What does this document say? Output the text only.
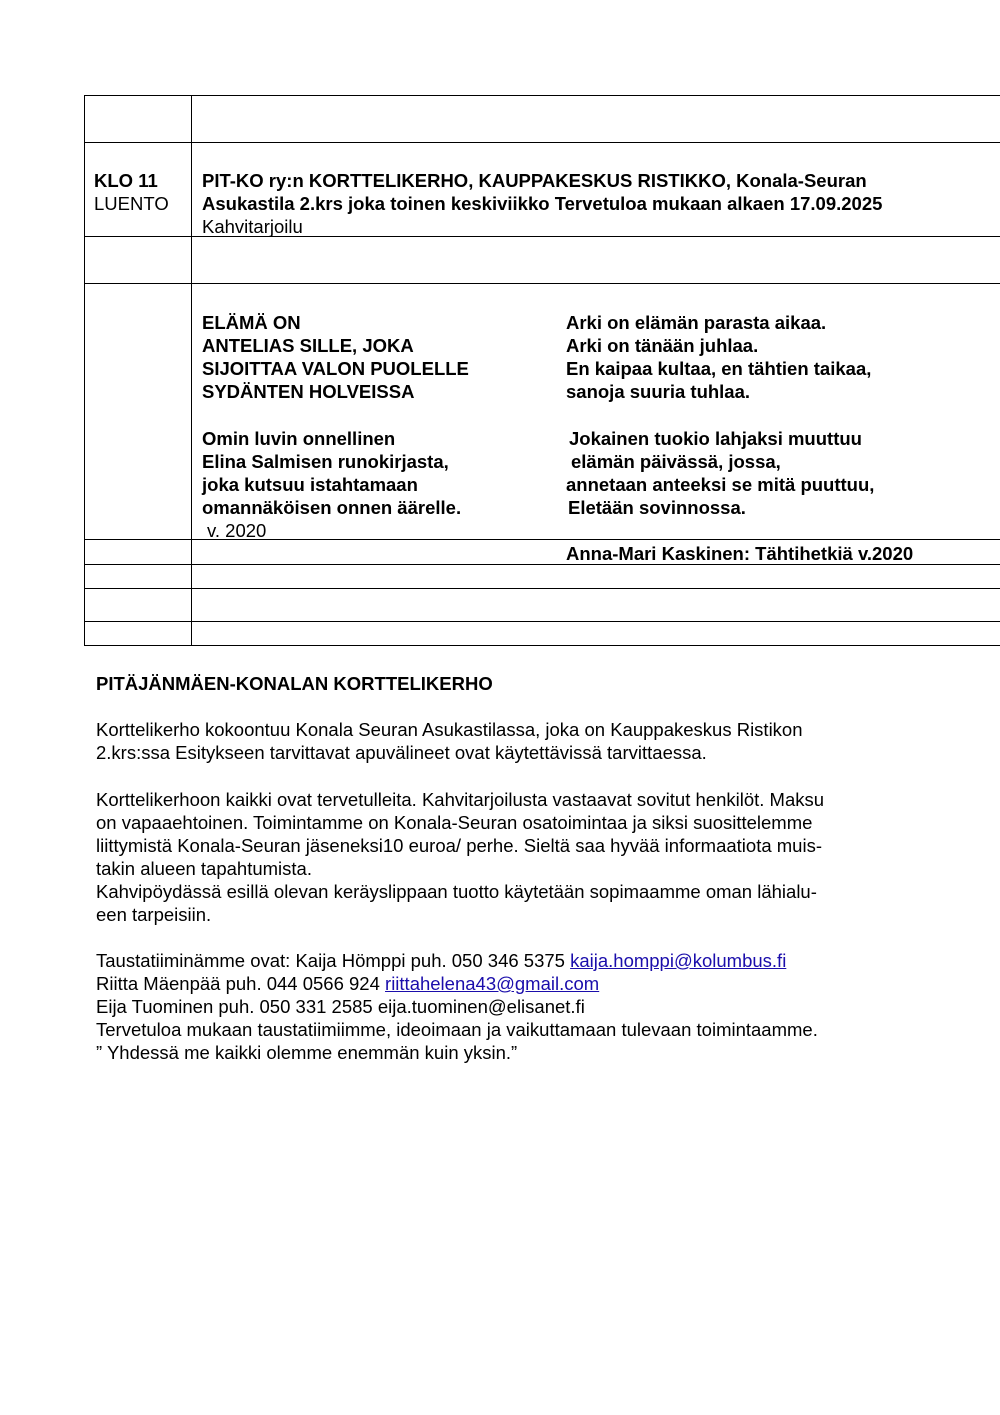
KLO 11
LUENTO
PIT-KO ry:n KORTTELIKERHO, KAUPPAKESKUS RISTIKKO, Konala-Seuran
Asukastila 2.krs joka toinen keskiviikko Tervetuloa mukaan alkaen 17.09.2025
Kahvitarjoilu
ELÄMÄ ON
ANTELIAS SILLE, JOKA
SIJOITTAA VALON PUOLELLE
SYDÄNTEN HOLVEISSA
Omin luvin onnellinen
Elina Salmisen runokirjasta,
joka kutsuu istahtamaan
omannäköisen onnen äärelle.
v. 2020
Arki on elämän parasta aikaa.
Arki on tänään juhlaa.
En kaipaa kultaa, en tähtien taikaa,
sanoja suuria tuhlaa.
Jokainen tuokio lahjaksi muuttuu
elämän päivässä, jossa,
annetaan anteeksi se mitä puuttuu,
Eletään sovinnossa.
Anna-Mari Kaskinen: Tähtihetkiä v.2020
PITÄJÄNMÄEN-KONALAN KORTTELIKERHO
Korttelikerho kokoontuu Konala Seuran Asukastilassa, joka on Kauppakeskus Ristikon
2.krs:ssa Esitykseen tarvittavat apuvälineet ovat käytettävissä tarvittaessa.
Korttelikerhoon kaikki ovat tervetulleita. Kahvitarjoilusta vastaavat sovitut henkilöt. Maksu
on vapaaehtoinen. Toimintamme on Konala-Seuran osatoimintaa ja siksi suosittelemme
liittymistä Konala-Seuran jäseneksi10 euroa/ perhe. Sieltä saa hyvää informaatiota muis-
takin alueen tapahtumista.
Kahvipöydässä esillä olevan keräyslippaan tuotto käytetään sopimaamme oman lähialu-
een tarpeisiin.
Taustatiiminämme ovat: Kaija Hömppi puh. 050 346 5375 kaija.homppi@kolumbus.fi
Riitta Mäenpää puh. 044 0566 924 riittahelena43@gmail.com
Eija Tuominen puh. 050 331 2585 eija.tuominen@elisanet.fi
Tervetuloa mukaan taustatiimiimme, ideoimaan ja vaikuttamaan tulevaan toimintaamme.
” Yhdessä me kaikki olemme enemmän kuin yksin.”
